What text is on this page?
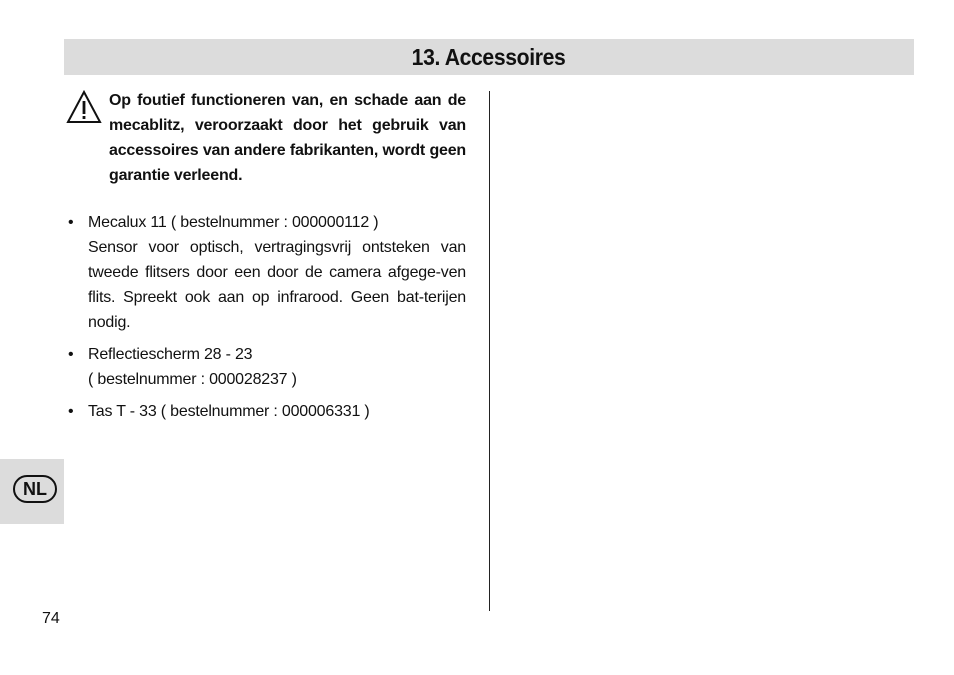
13. Accessoires

Op foutief functioneren van, en schade aan de mecablitz, veroorzaakt door het gebruik van accessoires van andere fabrikanten, wordt geen garantie verleend.

• Mecalux 11 ( bestelnummer : 000000112 )
Sensor voor optisch, vertragingsvrij ontsteken van tweede flitsers door een door de camera afgege-ven flits. Spreekt ook aan op infrarood. Geen bat-terijen nodig.
• Reflectiescherm 28 - 23
( bestelnummer : 000028237 )
• Tas T - 33 ( bestelnummer : 000006331 )
NL
74
